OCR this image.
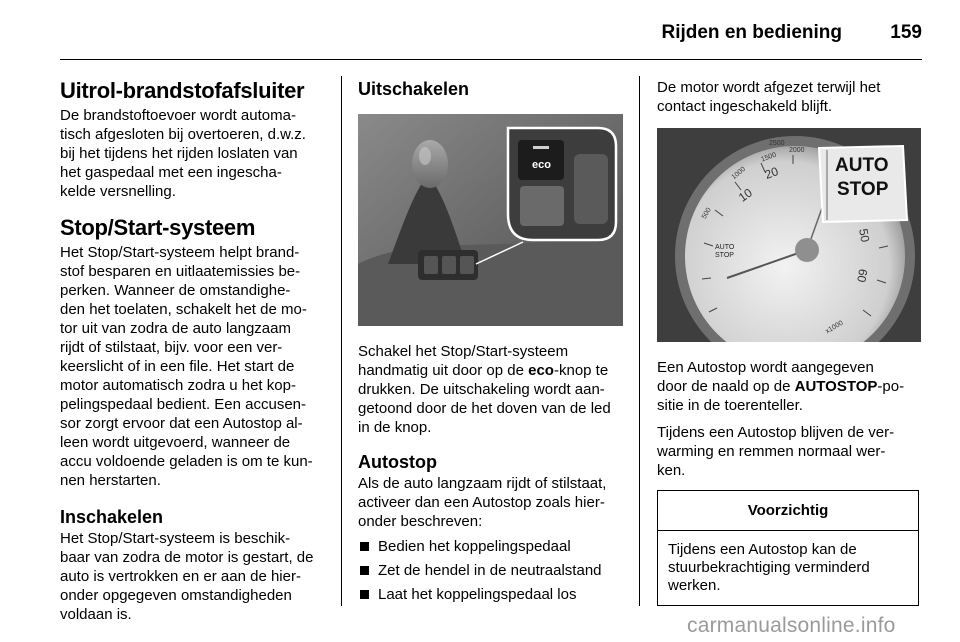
Rijden en bediening	159
Uitrol-brandstofafsluiter

De brandstoftoevoer wordt automa-

tisch afgesloten bij overtoeren, d.w.z.

bij het tijdens het rijden loslaten van

het gaspedaal met een ingescha-

kelde versnelling.

Stop/Start-systeem

Het Stop/Start-systeem helpt brand-

stof besparen en uitlaatemissies be-

perken. Wanneer de omstandighe-

den het toelaten, schakelt het de mo-

tor uit van zodra de auto langzaam

rijdt of stilstaat, bijv. voor een ver-

keerslicht of in een file. Het start de

motor automatisch zodra u het kop-

pelingspedaal bedient. Een accusen-

sor zorgt ervoor dat een Autostop al-

leen wordt uitgevoerd, wanneer de

accu voldoende geladen is om te kun-

nen herstarten.

Inschakelen

Het Stop/Start-systeem is beschik-

baar van zodra de motor is gestart, de

auto is vertrokken en er aan de hier-

onder opgegeven omstandigheden

voldaan is.

Uitschakelen
eco

Schakel het Stop/Start-systeem

handmatig uit door op de eco-knop te

drukken. De uitschakeling wordt aan-

getoond door de het doven van de led

in de knop.

Autostop

Als de auto langzaam rijdt of stilstaat,

activeer dan een Autostop zoals hier-

onder beschreven:

Bedien het koppelingspedaal
Zet de hendel in de neutraalstand
Laat het koppelingspedaal los

De motor wordt afgezet terwijl het

contact ingeschakeld blijft.

AUTO
STOP
AUTO
STOP
10
20
50
60
500
1000
1500
2000
2500
x1000

Een Autostop wordt aangegeven

door de naald op de AUTOSTOP-po-

sitie in de toerenteller.

Tijdens een Autostop blijven de ver-

warming en remmen normaal wer-

ken.

Voorzichtig

Tijdens een Autostop kan de

stuurbekrachtiging verminderd

werken.

carmanualsonline.info
